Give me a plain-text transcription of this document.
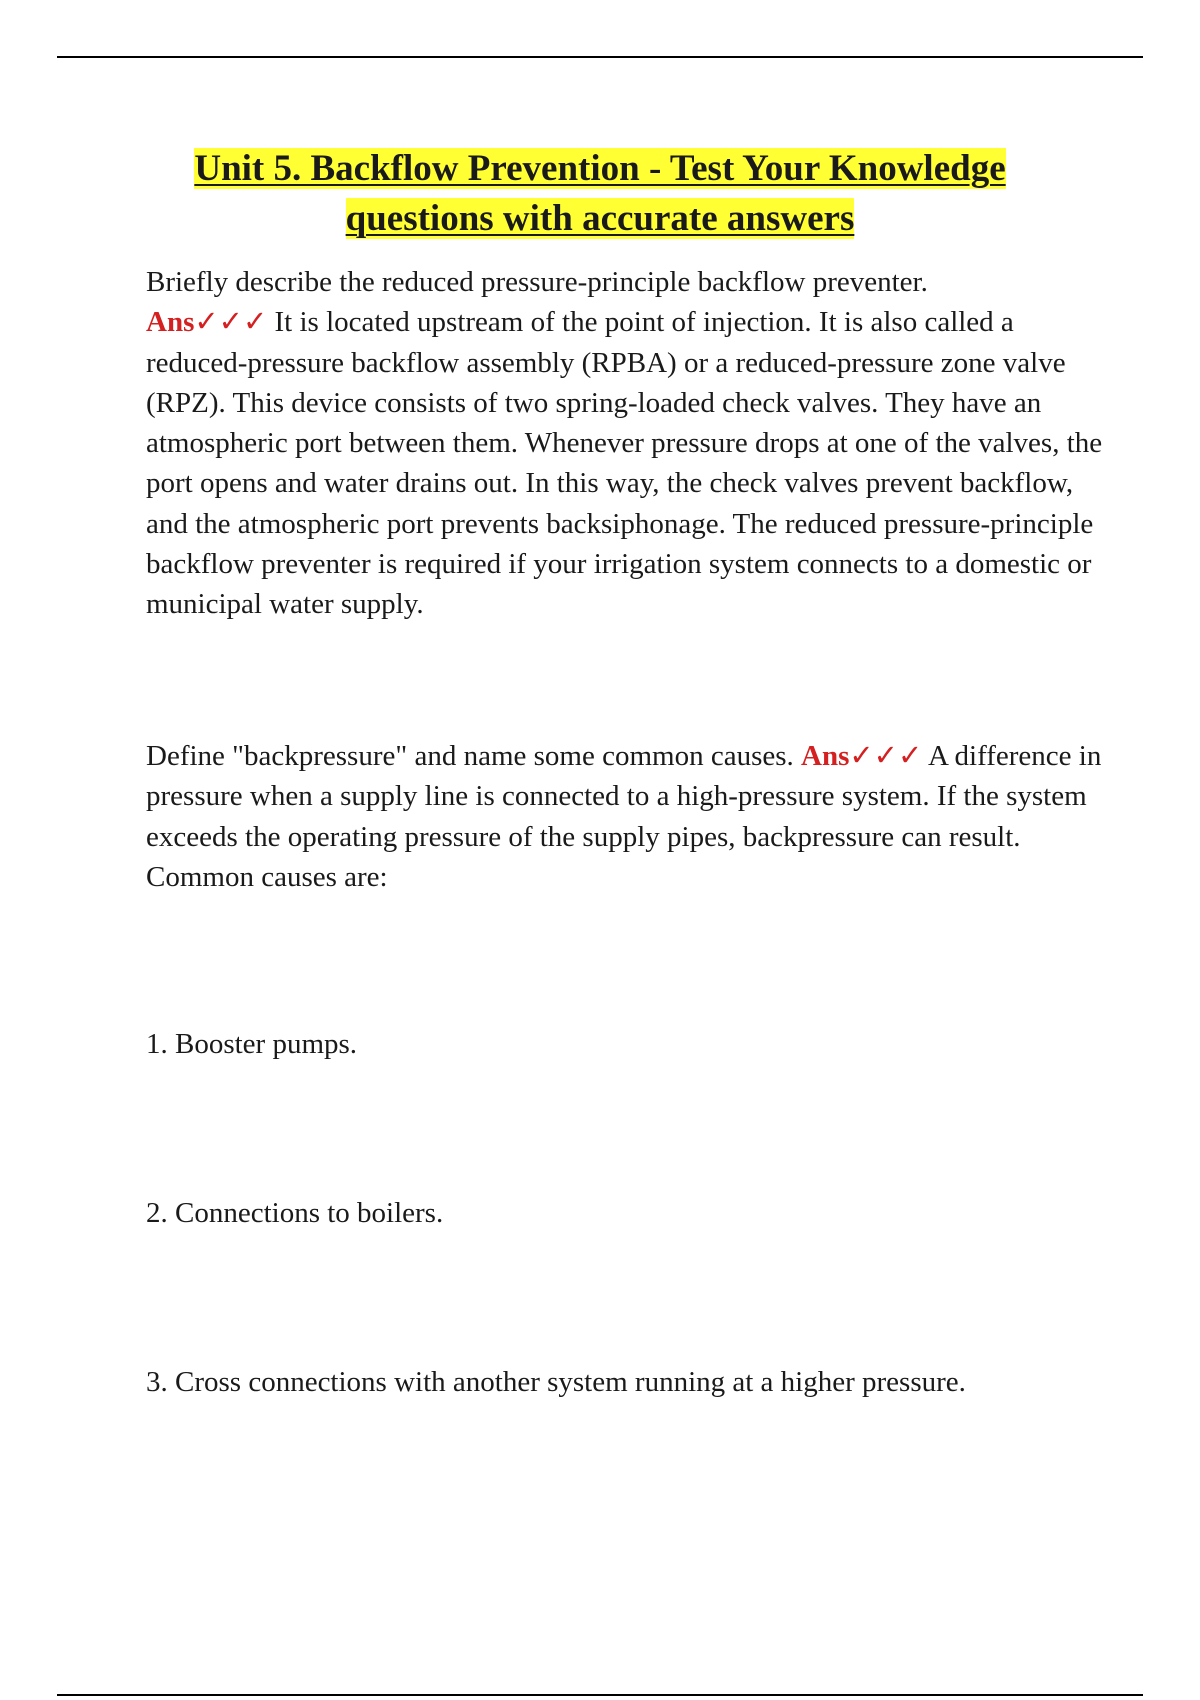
Unit 5. Backflow Prevention - Test Your Knowledge
questions with accurate answers

Briefly describe the reduced pressure-principle backflow preventer.
Ans✓✓✓ It is located upstream of the point of injection. It is also called a reduced-pressure backflow assembly (RPBA) or a reduced-pressure zone valve (RPZ). This device consists of two spring-loaded check valves. They have an atmospheric port between them. Whenever pressure drops at one of the valves, the port opens and water drains out. In this way, the check valves prevent backflow, and the atmospheric port prevents backsiphonage. The reduced pressure-principle backflow preventer is required if your irrigation system connects to a domestic or municipal water supply.

Define "backpressure" and name some common causes. Ans✓✓✓ A difference in pressure when a supply line is connected to a high-pressure system. If the system exceeds the operating pressure of the supply pipes, backpressure can result. Common causes are:

1. Booster pumps.

2. Connections to boilers.

3. Cross connections with another system running at a higher pressure.
